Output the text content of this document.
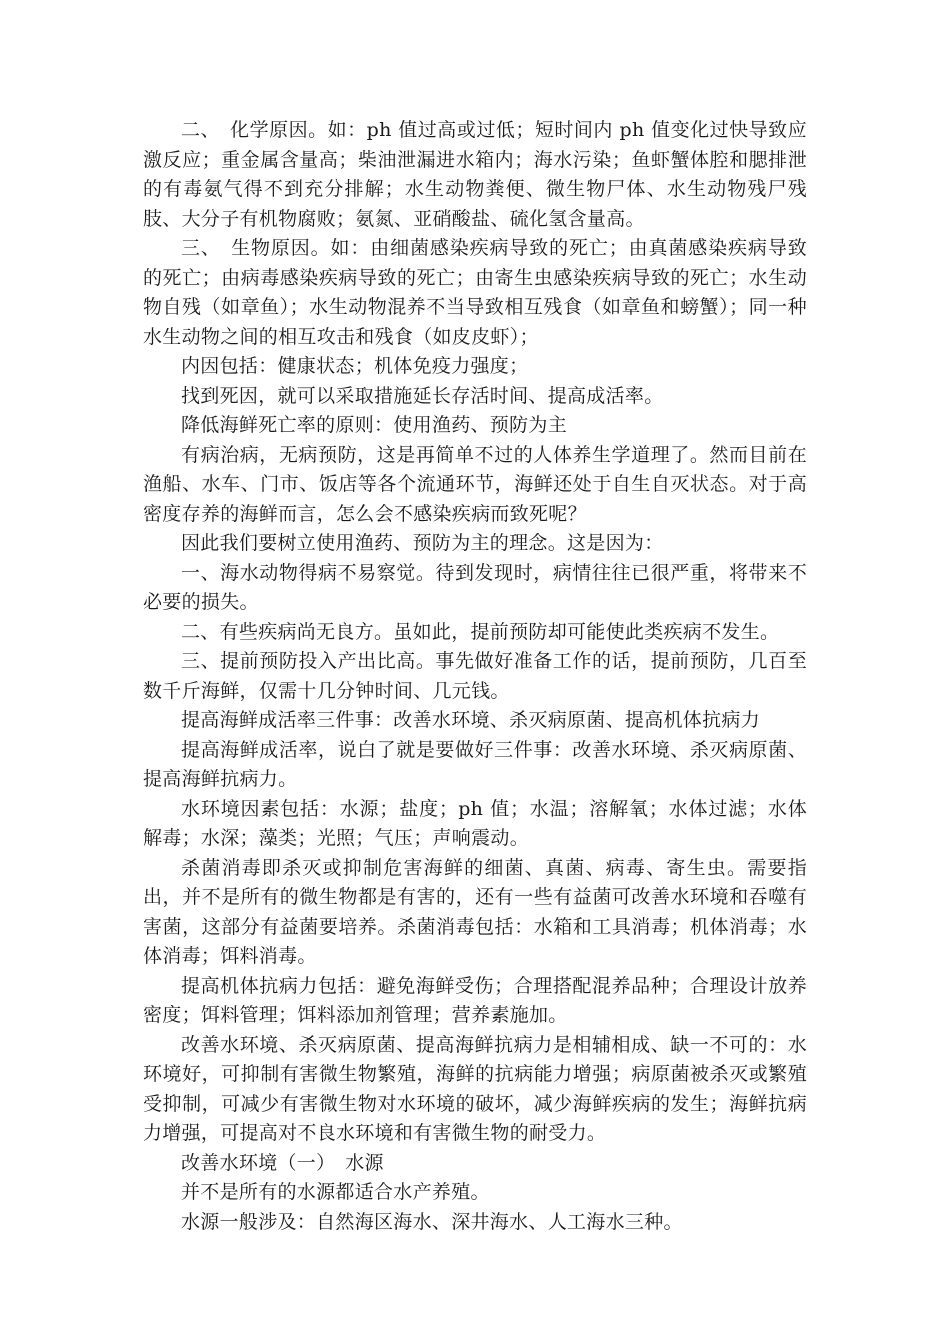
二、　化学原因。如：ph 值过高或过低；短时间内 ph 值变化过快导致应激反应；重金属含量高；柴油泄漏进水箱内；海水污染；鱼虾蟹体腔和腮排泄的有毒氨气得不到充分排解；水生动物粪便、微生物尸体、水生动物残尸残肢、大分子有机物腐败；氨氮、亚硝酸盐、硫化氢含量高。

三、　生物原因。如：由细菌感染疾病导致的死亡；由真菌感染疾病导致的死亡；由病毒感染疾病导致的死亡；由寄生虫感染疾病导致的死亡；水生动物自残（如章鱼）；水生动物混养不当导致相互残食（如章鱼和螃蟹）；同一种水生动物之间的相互攻击和残食（如皮皮虾）；

内因包括：健康状态；机体免疫力强度；

找到死因，就可以采取措施延长存活时间、提高成活率。

降低海鲜死亡率的原则：使用渔药、预防为主

有病治病，无病预防，这是再简单不过的人体养生学道理了。然而目前在渔船、水车、门市、饭店等各个流通环节，海鲜还处于自生自灭状态。对于高密度存养的海鲜而言，怎么会不感染疾病而致死呢？

因此我们要树立使用渔药、预防为主的理念。这是因为：

一、海水动物得病不易察觉。待到发现时，病情往往已很严重，将带来不必要的损失。

二、有些疾病尚无良方。虽如此，提前预防却可能使此类疾病不发生。

三、提前预防投入产出比高。事先做好准备工作的话，提前预防，几百至数千斤海鲜，仅需十几分钟时间、几元钱。

提高海鲜成活率三件事：改善水环境、杀灭病原菌、提高机体抗病力

提高海鲜成活率，说白了就是要做好三件事：改善水环境、杀灭病原菌、提高海鲜抗病力。

水环境因素包括：水源；盐度；ph 值；水温；溶解氧；水体过滤；水体解毒；水深；藻类；光照；气压；声响震动。

杀菌消毒即杀灭或抑制危害海鲜的细菌、真菌、病毒、寄生虫。需要指出，并不是所有的微生物都是有害的，还有一些有益菌可改善水环境和吞噬有害菌，这部分有益菌要培养。杀菌消毒包括：水箱和工具消毒；机体消毒；水体消毒；饵料消毒。

提高机体抗病力包括：避免海鲜受伤；合理搭配混养品种；合理设计放养密度；饵料管理；饵料添加剂管理；营养素施加。

改善水环境、杀灭病原菌、提高海鲜抗病力是相辅相成、缺一不可的：水环境好，可抑制有害微生物繁殖，海鲜的抗病能力增强；病原菌被杀灭或繁殖受抑制，可减少有害微生物对水环境的破坏，减少海鲜疾病的发生；海鲜抗病力增强，可提高对不良水环境和有害微生物的耐受力。

改善水环境（一）　水源

并不是所有的水源都适合水产养殖。

水源一般涉及：自然海区海水、深井海水、人工海水三种。
